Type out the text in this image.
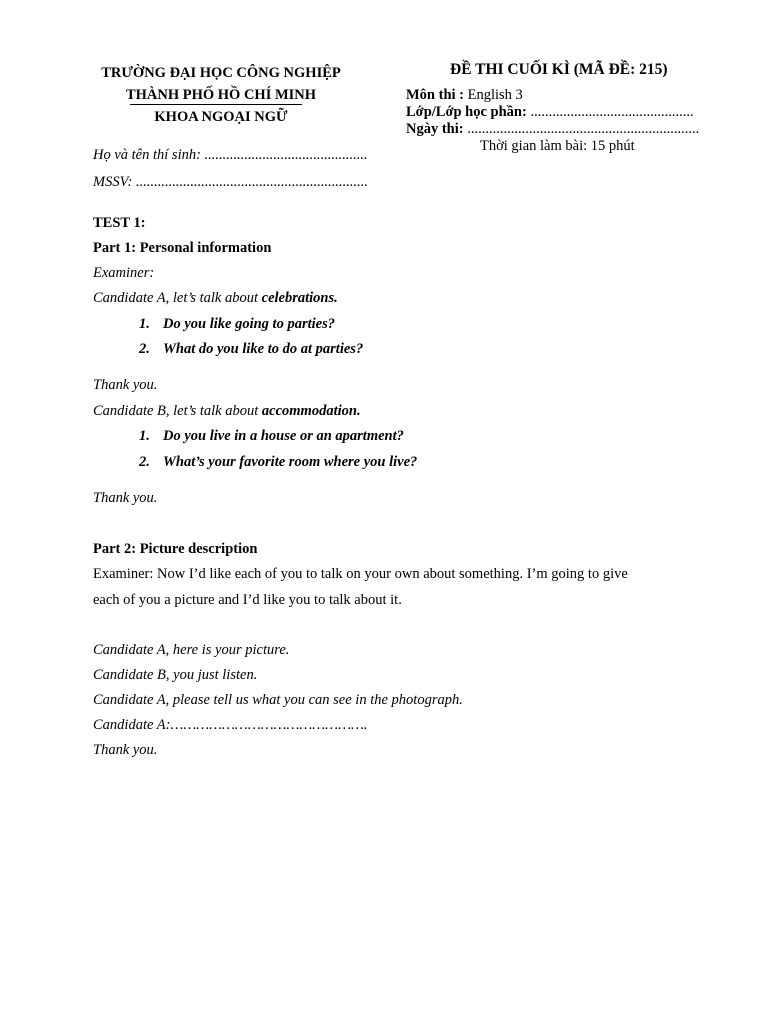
TRƯỜNG ĐẠI HỌC CÔNG NGHIỆP
THÀNH PHỐ HỒ CHÍ MINH
KHOA NGOẠI NGỮ
ĐỀ THI CUỐI KÌ (MÃ ĐỀ: 215)
Môn thi : English 3
Lớp/Lớp học phần: .............................................
Ngày thi: ................................................................
Thời gian làm bài: 15 phút
Họ và tên thí sinh: .............................................
MSSV: ................................................................
TEST 1:
Part 1: Personal information
Examiner:
Candidate A, let’s talk about celebrations.
1. Do you like going to parties?
2. What do you like to do at parties?
Thank you.
Candidate B, let’s talk about accommodation.
1. Do you live in a house or an apartment?
2. What’s your favorite room where you live?
Thank you.
Part 2: Picture description
Examiner: Now I’d like each of you to talk on your own about something. I’m going to give
each of you a picture and I’d like you to talk about it.
Candidate A, here is your picture.
Candidate B, you just listen.
Candidate A, please tell us what you can see in the photograph.
Candidate A:……………………………………….
Thank you.
